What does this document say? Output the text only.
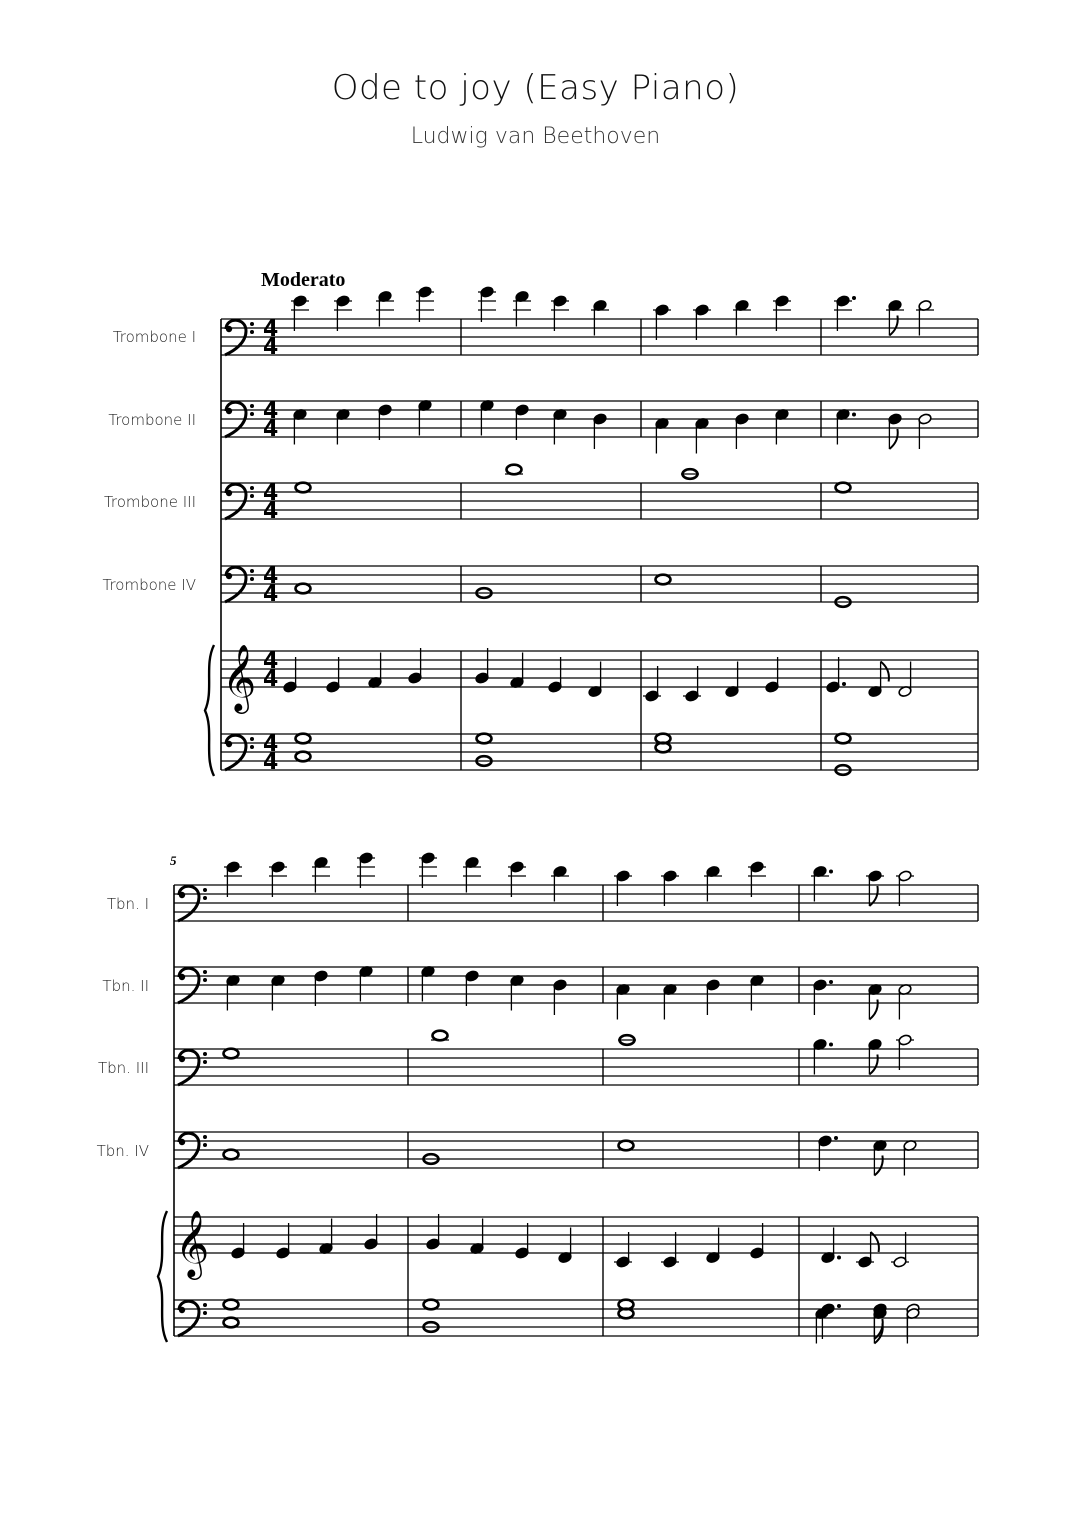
Ode to joy (Easy Piano)
Ludwig van Beethoven
Moderato
5
Trombone I
Trombone II
Trombone III
Trombone IV
Tbn. I
Tbn. II
Tbn. III
Tbn. IV
4
4
4
4
4
4
4
4
𝄞 4
4
4
4
𝄞
